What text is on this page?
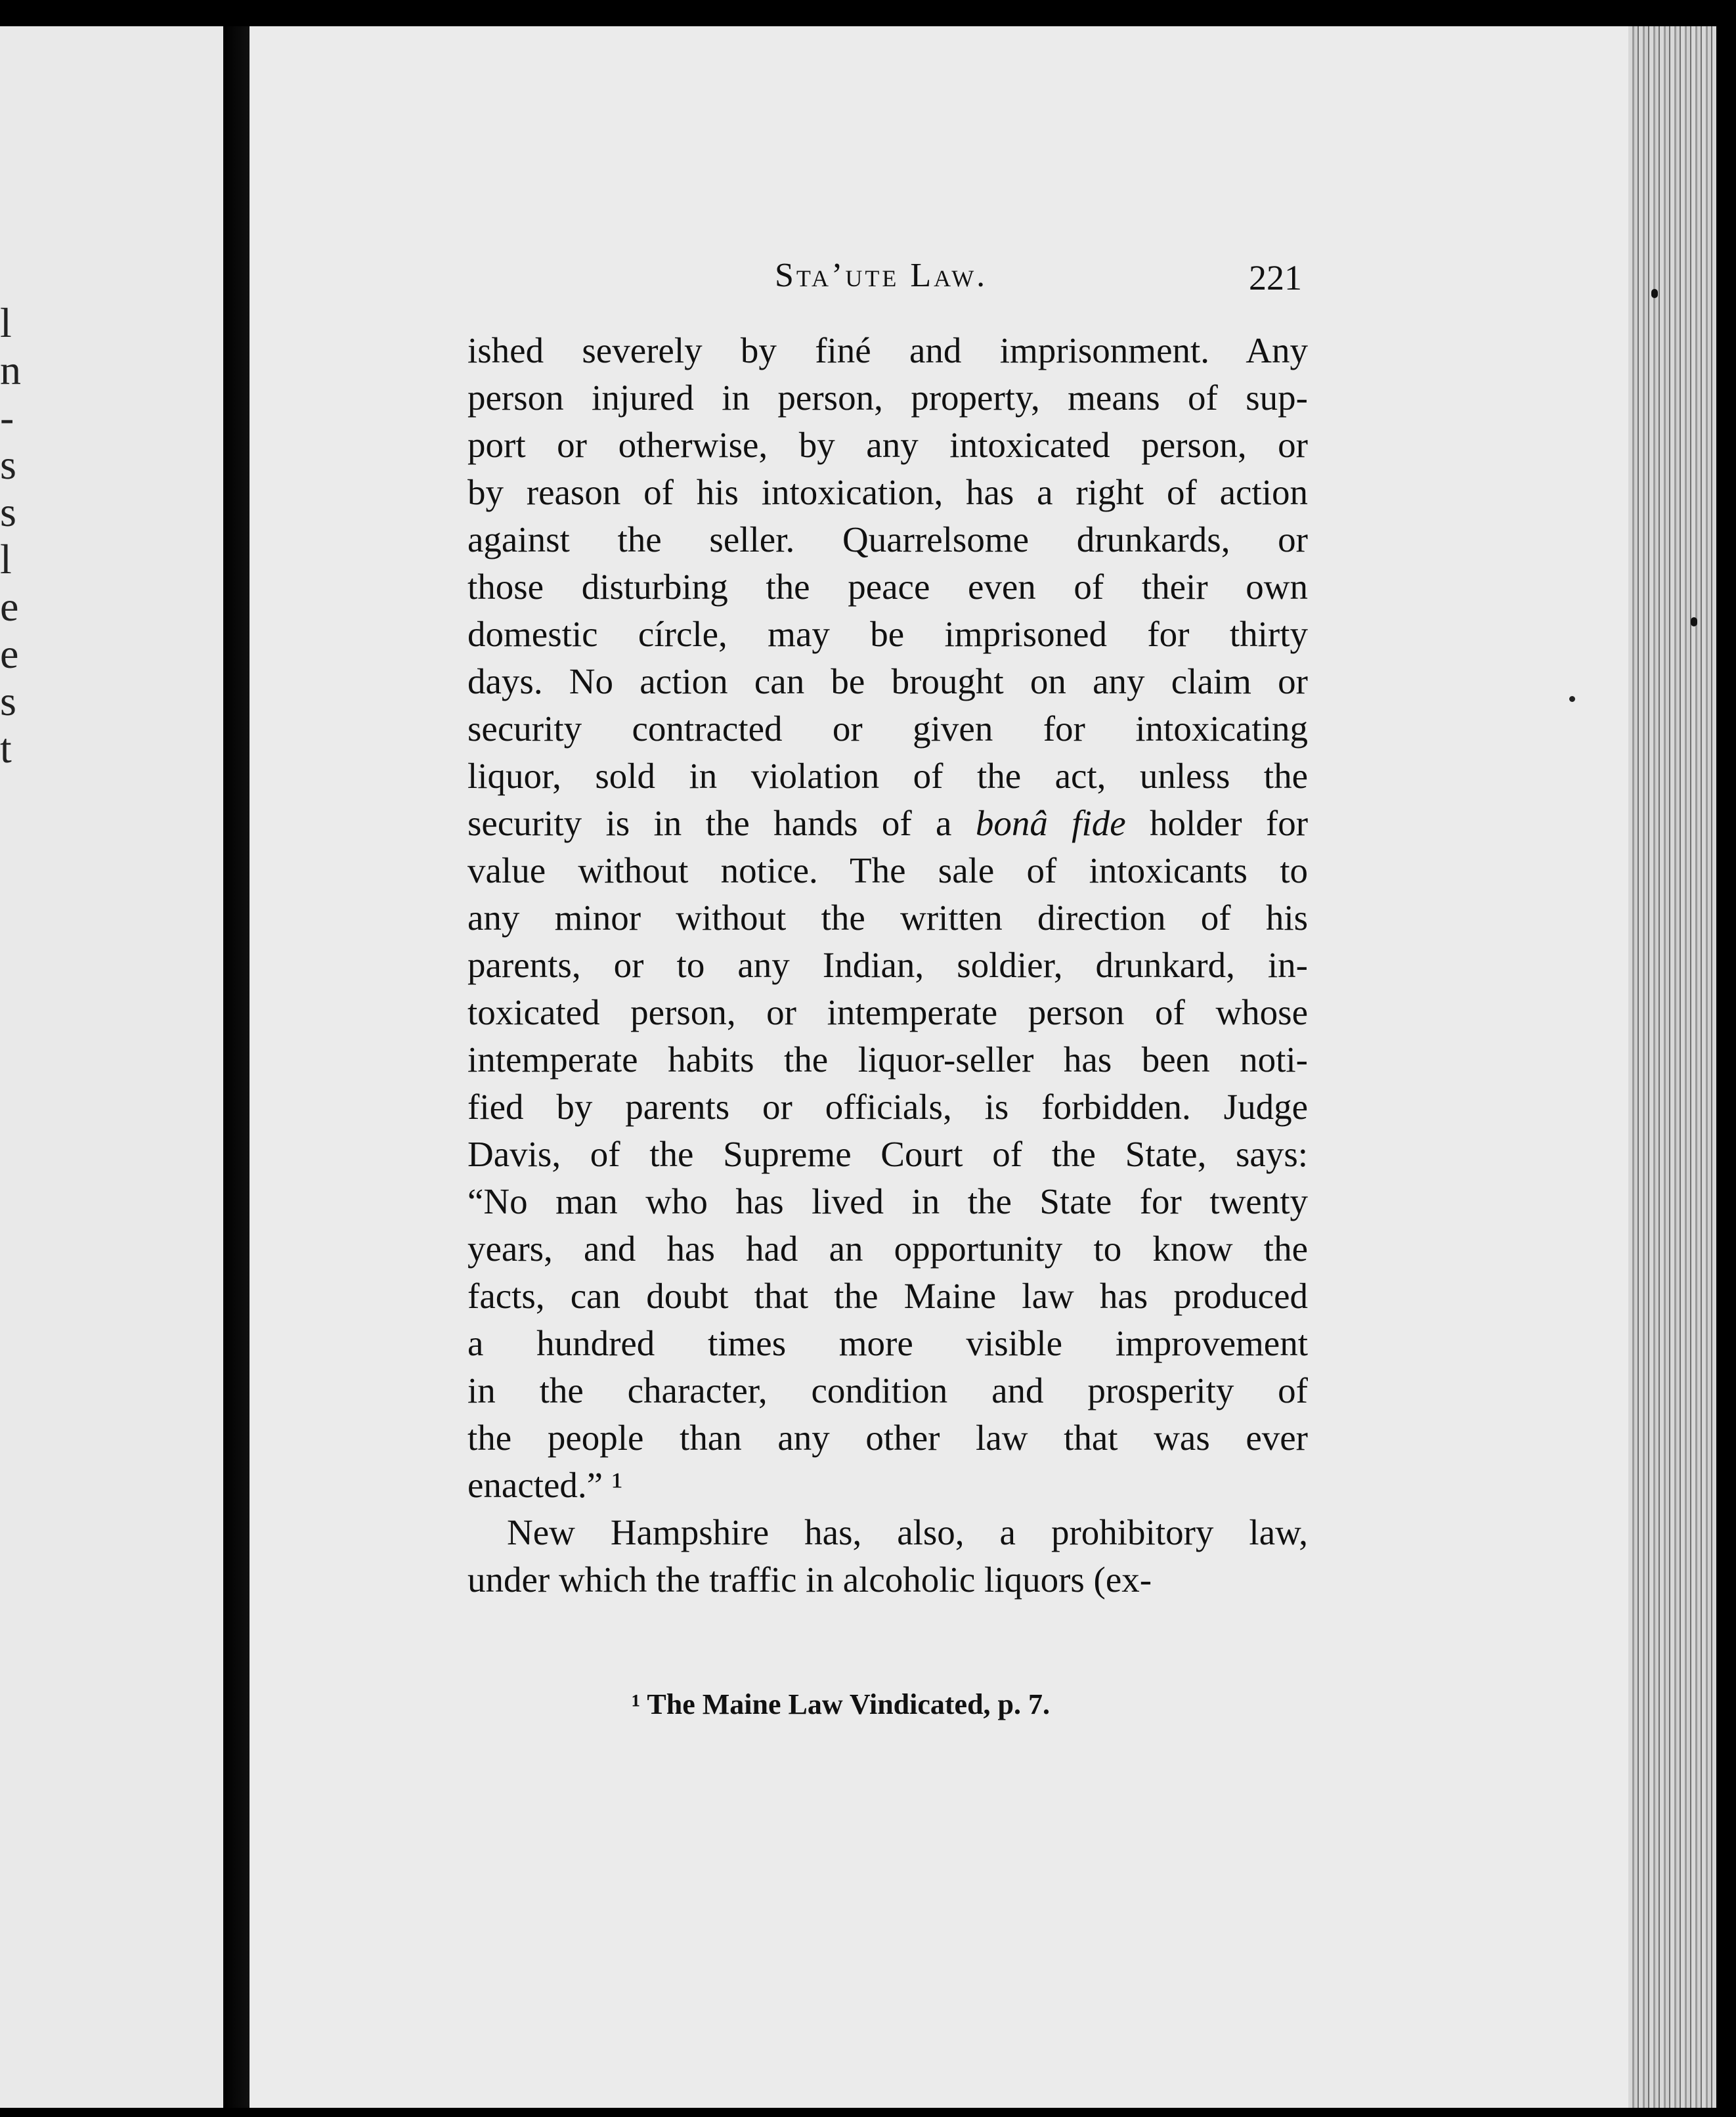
l
n
-
s
s
l
e
e
s
t
Sta’ute Law.	221
ished severely by finé and imprisonment. Any
person injured in person, property, means of sup-
port or otherwise, by any intoxicated person, or
by reason of his intoxication, has a right of action
against the seller. Quarrelsome drunkards, or
those disturbing the peace even of their own
domestic círcle, may be imprisoned for thirty
days. No action can be brought on any claim or
security contracted or given for intoxicating
liquor, sold in violation of the act, unless the
security is in the hands of a bonâ fide holder for
value without notice. The sale of intoxicants to
any minor without the written direction of his
parents, or to any Indian, soldier, drunkard, in-
toxicated person, or intemperate person of whose
intemperate habits the liquor-seller has been noti-
fied by parents or officials, is forbidden. Judge
Davis, of the Supreme Court of the State, says:
“No man who has lived in the State for twenty
years, and has had an opportunity to know the
facts, can doubt that the Maine law has produced
a hundred times more visible improvement
in the character, condition and prosperity of
the people than any other law that was ever
enacted.” ¹
New Hampshire has, also, a prohibitory law,
under which the traffic in alcoholic liquors (ex-
¹ The Maine Law Vindicated, p. 7.
